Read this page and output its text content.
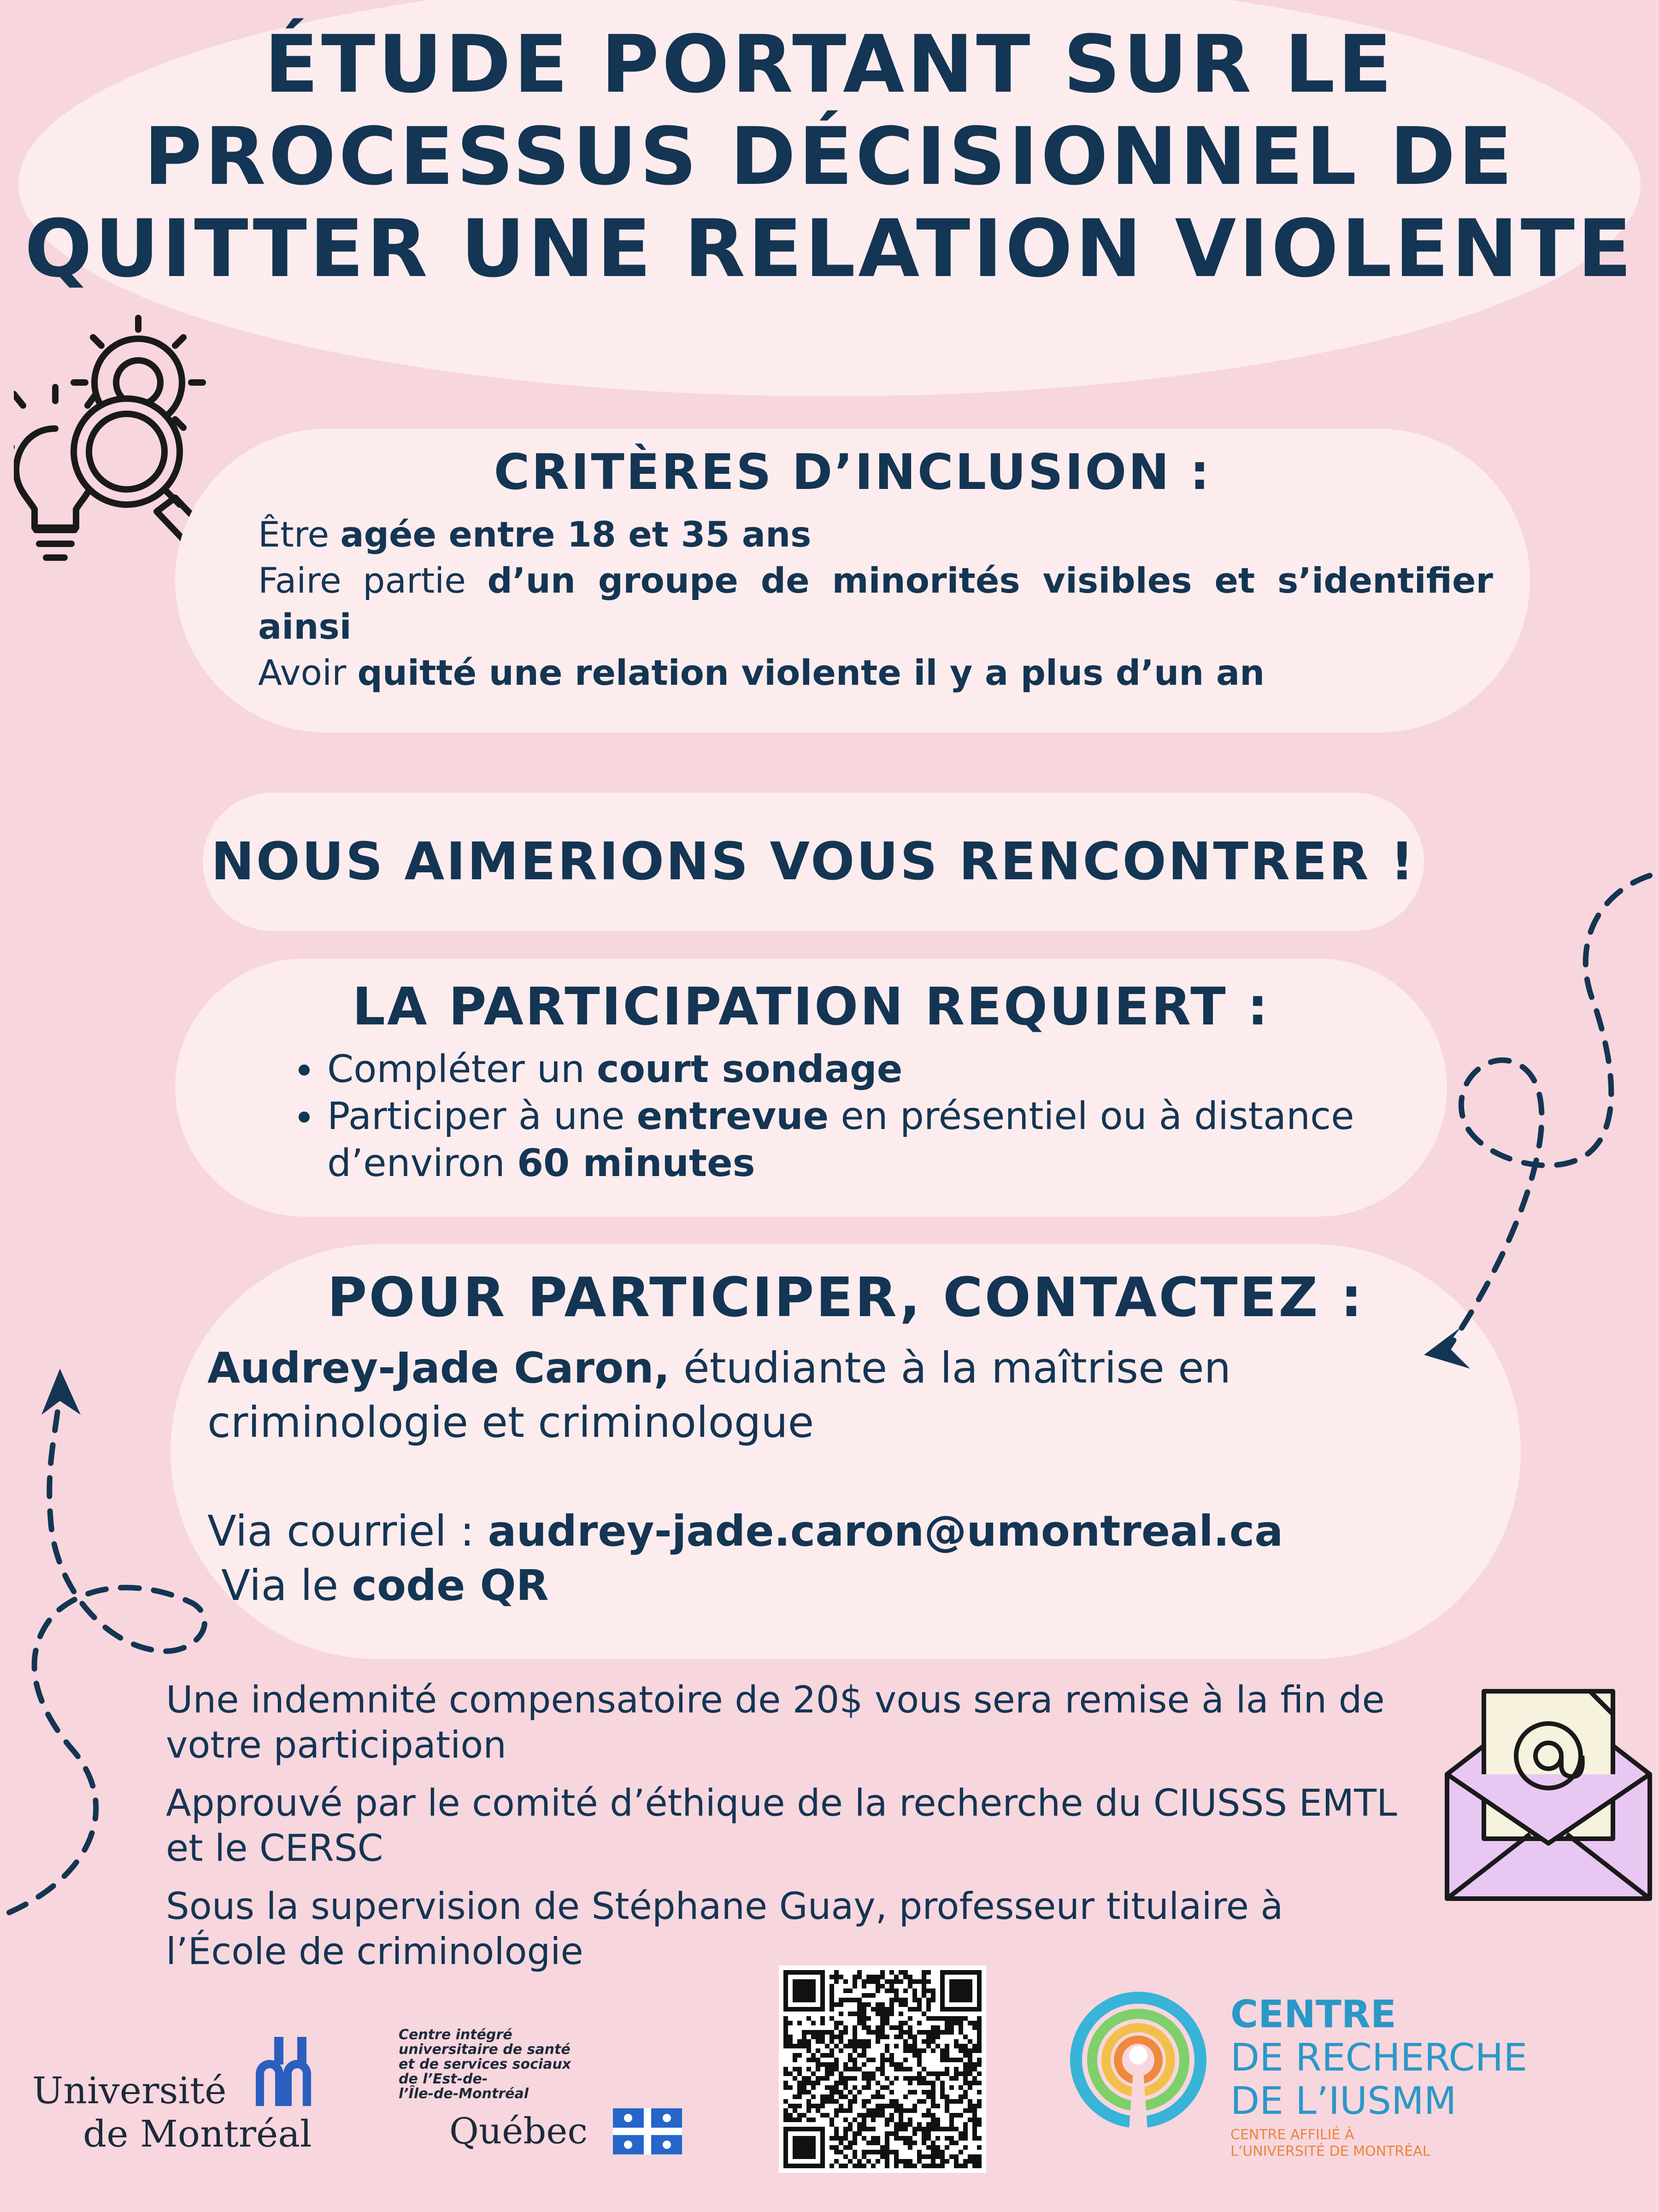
ÉTUDE PORTANT SUR LE
PROCESSUS DÉCISIONNEL DE
QUITTER UNE RELATION VIOLENTE
CRITÈRES D’INCLUSION :
Être agée entre 18 et 35 ans
Faire partie d’un groupe de minorités visibles et s’identifier ainsi
Avoir quitté une relation violente il y a plus d’un an
NOUS AIMERIONS VOUS RENCONTRER !
LA PARTICIPATION REQUIERT :
Compléter un court sondage
Participer à une entrevue en présentiel ou à distance d’environ 60 minutes
POUR PARTICIPER, CONTACTEZ :
Audrey-Jade Caron, étudiante à la maîtrise en criminologie et criminologue
Via courriel : audrey-jade.caron@umontreal.ca
Via le code QR
Une indemnité compensatoire de 20$ vous sera remise à la fin de votre participation
Approuvé par le comité d’éthique de la recherche du CIUSSS EMTL et le CERSC
Sous la supervision de Stéphane Guay, professeur titulaire à l’École de criminologie
Université
de Montréal
Centre intégré
universitaire de santé
et de services sociaux
de l’Est-de-
l’Île-de-Montréal
Québec
CENTRE
DE RECHERCHE
DE L’IUSMM
CENTRE AFFILIÉ À
L’UNIVERSITÉ DE MONTRÉAL
